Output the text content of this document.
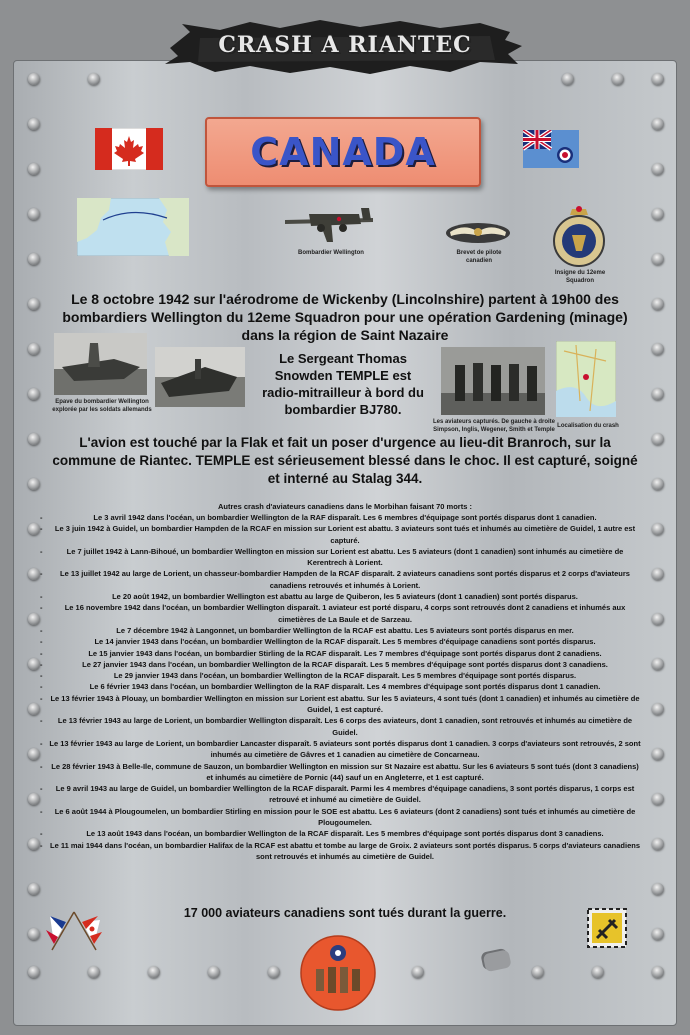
CRASH A RIANTEC
CANADA
Bombardier Wellington	Brevet de pilote canadien
Insigne du 12eme Squadron
Le 8 octobre 1942 sur l'aérodrome de Wickenby (Lincolnshire) partent à 19h00 des bombardiers Wellington du 12eme Squadron pour une opération Gardening (minage) dans la région de Saint Nazaire
Epave du bombardier Wellington explorée par les soldats allemands
Le Sergeant Thomas Snowden TEMPLE est radio-mitrailleur à bord du bombardier BJ780.
Les aviateurs capturés. De gauche à droite Simpson, Inglis, Wegener, Smith et Temple
Localisation du crash
L'avion est touché par la Flak et fait un poser d'urgence au lieu-dit Branroch, sur la commune de Riantec. TEMPLE est sérieusement blessé dans le choc. Il est capturé, soigné et interné au Stalag 344.
Autres crash d'aviateurs canadiens dans le Morbihan faisant 70 morts :
- Le 3 avril 1942 dans l'océan, un bombardier Wellington de la RAF disparaît. Les 6 membres d'équipage sont portés disparus dont 1 canadien.
- Le 3 juin 1942 à Guidel, un bombardier Hampden de la RCAF en mission sur Lorient est abattu. 3 aviateurs sont tués et inhumés au cimetière de Guidel, 1 autre est capturé.
- Le 7 juillet 1942 à Lann-Bihoué, un bombardier Wellington en mission sur Lorient est abattu. Les 5 aviateurs (dont 1 canadien) sont inhumés au cimetière de Kerentrech à Lorient.
- Le 13 juillet 1942 au large de Lorient, un chasseur-bombardier Hampden de la RCAF disparaît. 2 aviateurs canadiens sont portés disparus et 2 corps d'aviateurs canadiens retrouvés et inhumés à Lorient.
- Le 20 août 1942, un bombardier Wellington est abattu au large de Quiberon, les 5 aviateurs (dont 1 canadien) sont portés disparus.
- Le 16 novembre 1942 dans l'océan, un bombardier Wellington disparaît. 1 aviateur est porté disparu, 4 corps sont retrouvés dont 2 canadiens et inhumés aux cimetières de La Baule et de Sarzeau.
- Le 7 décembre 1942 à Langonnet, un bombardier Wellington de la RCAF est abattu. Les 5 aviateurs sont portés disparus en mer.
- Le 14 janvier 1943 dans l'océan, un bombardier Wellington de la RCAF disparaît. Les 5 membres d'équipage canadiens sont portés disparus.
- Le 15 janvier 1943 dans l'océan, un bombardier Stirling de la RCAF disparaît. Les 7 membres d'équipage sont portés disparus dont 2 canadiens.
- Le 27 janvier 1943 dans l'océan, un bombardier Wellington de la RCAF disparaît. Les 5 membres d'équipage sont portés disparus dont 3 canadiens.
- Le 29 janvier 1943 dans l'océan, un bombardier Wellington de la RCAF disparaît. Les 5 membres d'équipage sont portés disparus.
- Le 6 février 1943 dans l'océan, un bombardier Wellington de la RAF disparaît. Les 4 membres d'équipage sont portés disparus dont 1 canadien.
- Le 13 février 1943 à Plouay, un bombardier Wellington en mission sur Lorient est abattu. Sur les 5 aviateurs, 4 sont tués (dont 1 canadien) et inhumés au cimetière de Guidel, 1 est capturé.
- Le 13 février 1943 au large de Lorient, un bombardier Wellington disparaît. Les 6 corps des aviateurs, dont 1 canadien, sont retrouvés et inhumés au cimetière de Guidel.
- Le 13 février 1943 au large de Lorient, un bombardier Lancaster disparaît. 5 aviateurs sont portés disparus dont 1 canadien. 3 corps d'aviateurs sont retrouvés, 2 sont inhumés au cimetière de Gâvres et 1 canadien au cimetière de Concarneau.
- Le 28 février 1943 à Belle-Ile, commune de Sauzon, un bombardier Wellington en mission sur St Nazaire est abattu. Sur les 6 aviateurs 5 sont tués (dont 3 canadiens) et inhumés au cimetière de Pornic (44) sauf un en Angleterre, et 1 est capturé.
- Le 9 avril 1943 au large de Guidel, un bombardier Wellington de la RCAF disparaît. Parmi les 4 membres d'équipage canadiens, 3 sont portés disparus, 1 corps est retrouvé et inhumé au cimetière de Guidel.
- Le 6 août 1944 à Plougoumelen, un bombardier Stirling en mission pour le SOE est abattu. Les 6 aviateurs (dont 2 canadiens) sont tués et inhumés au cimetière de Plougoumelen.
- Le 13 août 1943 dans l'océan, un bombardier Wellington de la RCAF disparaît. Les 5 membres d'équipage sont portés disparus dont 3 canadiens.
- Le 11 mai 1944 dans l'océan, un bombardier Halifax de la RCAF est abattu et tombe au large de Groix. 2 aviateurs sont portés disparus. 5 corps d'aviateurs canadiens sont retrouvés et inhumés au cimetière de Guidel.
17 000 aviateurs canadiens sont tués durant la guerre.
